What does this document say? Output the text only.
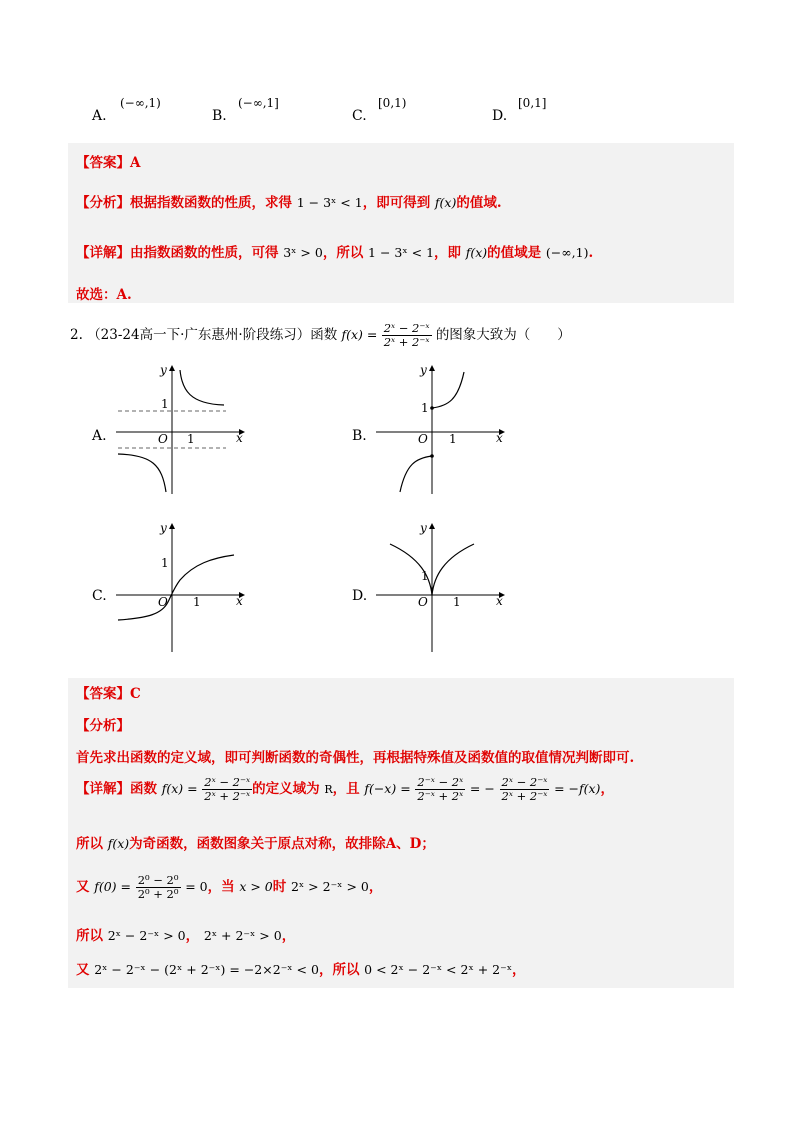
A.
(−∞,1)
B.
(−∞,1]
C.
[0,1)
D.
[0,1]
【答案】A
【分析】根据指数函数的性质，求得 1 − 3ˣ < 1，即可得到 f(x)的值域.
【详解】由指数函数的性质，可得 3ˣ > 0，所以 1 − 3ˣ < 1，即 f(x)的值域是 (−∞,1).
故选：A.
2. （23-24高一下·广东惠州·阶段练习）函数 $f(x) = \frac{\text{2ˣ − 2⁻ˣ}}{\text{2ˣ + 2⁻ˣ}}$ 的图象大致为（　　）
A.
y
x
O 1
1
B.
y
x
O 1
1
C.
y
x
O 1
1
D.
y
x
O 1
1
【答案】C
【分析】
首先求出函数的定义域，即可判断函数的奇偶性，再根据特殊值及函数值的取值情况判断即可.
【详解】函数 $f(x) = \frac{\text{2ˣ − 2⁻ˣ}}{\text{2ˣ + 2⁻ˣ}}$ 的定义域为 R，且 $f(-x) = \frac{\text{2⁻ˣ − 2ˣ}}{\text{2⁻ˣ + 2ˣ}}$ = − $\frac{\text{2ˣ − 2⁻ˣ}}{\text{2ˣ + 2⁻ˣ}} = -f(x)$，
所以 f(x)为奇函数，函数图象关于原点对称，故排除A、D；
又 $f(0) = \frac{\text{2⁰ − 2⁰}}{\text{2⁰ + 2⁰}} = 0$，当 x > 0时 2ˣ > 2⁻ˣ > 0，
所以 2ˣ − 2⁻ˣ > 0， 2ˣ + 2⁻ˣ > 0，
又 2ˣ − 2⁻ˣ − (2ˣ + 2⁻ˣ) = −2×2⁻ˣ < 0，所以 0 < 2ˣ − 2⁻ˣ < 2ˣ + 2⁻ˣ，
